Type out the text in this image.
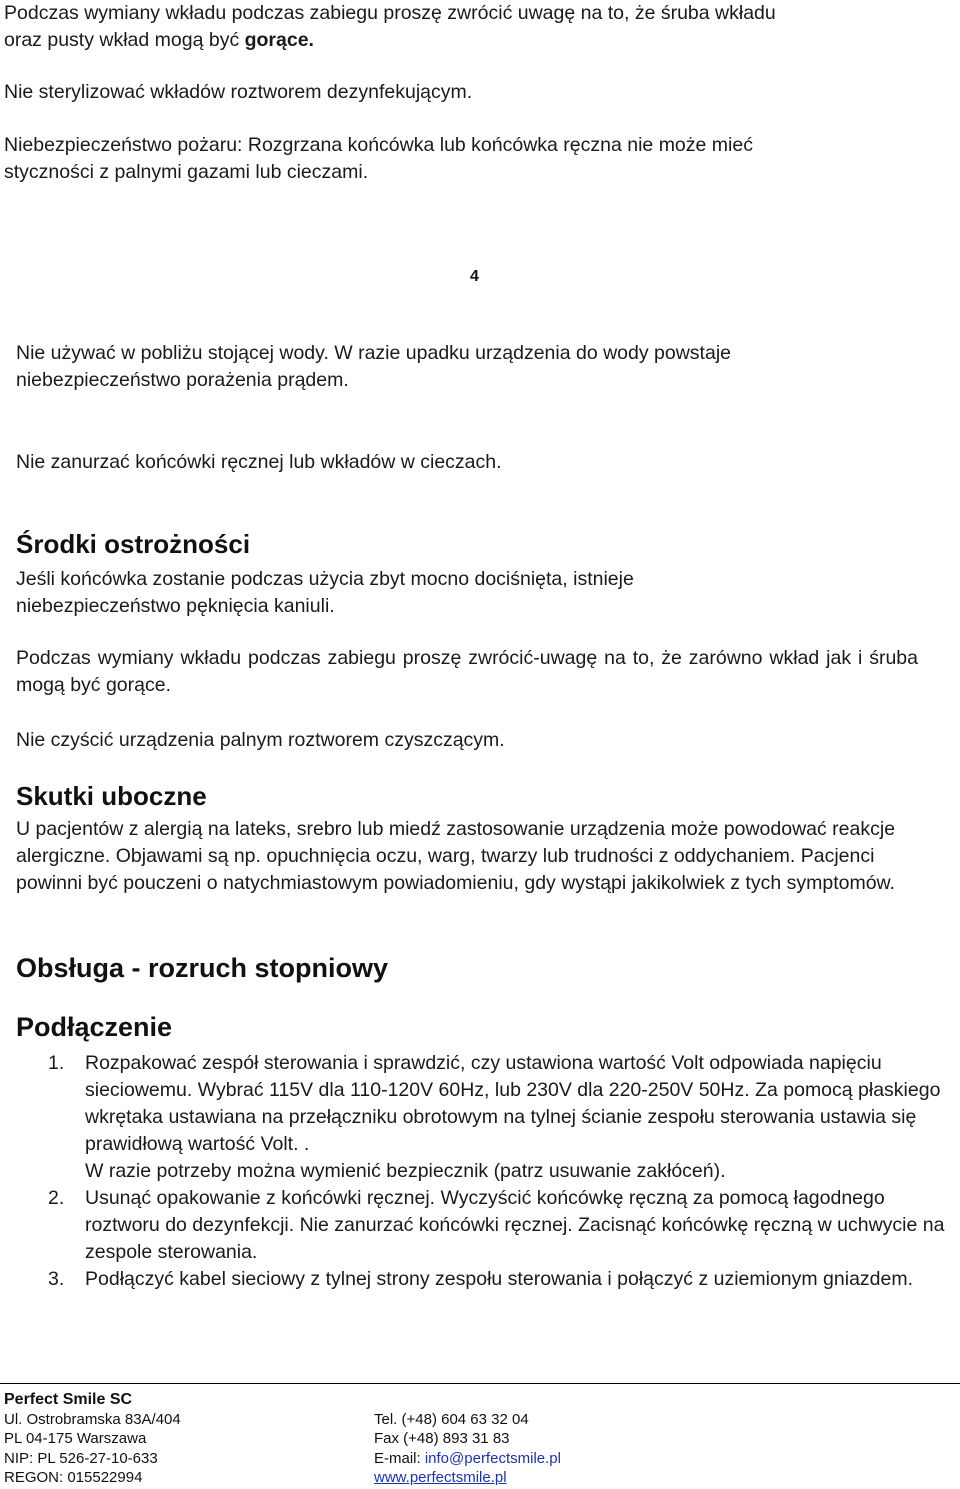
Podczas wymiany wkładu podczas zabiegu proszę zwrócić uwagę na to, że śruba wkładu oraz pusty wkład mogą być gorące.

Nie sterylizować wkładów roztworem dezynfekującym.

Niebezpieczeństwo pożaru: Rozgrzana końcówka lub końcówka ręczna nie może mieć styczności z palnymi gazami lub cieczami.

4

Nie używać w pobliżu stojącej wody. W razie upadku urządzenia do wody powstaje niebezpieczeństwo porażenia prądem.

Nie zanurzać końcówki ręcznej lub wkładów w cieczach.

Środki ostrożności

Jeśli końcówka zostanie podczas użycia zbyt mocno dociśnięta, istnieje niebezpieczeństwo pęknięcia kaniuli.

Podczas wymiany wkładu podczas zabiegu proszę zwrócić-uwagę na to, że zarówno wkład jak i śruba mogą być gorące.

Nie czyścić urządzenia palnym roztworem czyszczącym.

Skutki uboczne

U pacjentów z alergią na lateks, srebro lub miedź zastosowanie urządzenia może powodować reakcje alergiczne. Objawami są np. opuchnięcia oczu, warg, twarzy lub trudności z oddychaniem. Pacjenci powinni być pouczeni o natychmiastowym powiadomieniu, gdy wystąpi jakikolwiek z tych symptomów.

Obsługa - rozruch stopniowy
Podłączenie
1. Rozpakować zespół sterowania i sprawdzić, czy ustawiona wartość Volt odpowiada napięciu sieciowemu. Wybrać 115V dla 110-120V 60Hz, lub 230V dla 220-250V 50Hz. Za pomocą płaskiego wkrętaka ustawiana na przełączniku obrotowym na tylnej ścianie zespołu sterowania ustawia się prawidłową wartość Volt. .
W razie potrzeby można wymienić bezpiecznik (patrz usuwanie zakłóceń).
2. Usunąć opakowanie z końcówki ręcznej. Wyczyścić końcówkę ręczną za pomocą łagodnego roztworu do dezynfekcji. Nie zanurzać końcówki ręcznej. Zacisnąć końcówkę ręczną w uchwycie na zespole sterowania.
3. Podłączyć kabel sieciowy z tylnej strony zespołu sterowania i połączyć z uziemionym gniazdem.
Perfect Smile SC
Ul. Ostrobramska 83A/404
PL 04-175 Warszawa
NIP: PL 526-27-10-633
REGON: 015522994
Tel. (+48) 604 63 32 04
Fax (+48) 893 31 83
E-mail: info@perfectsmile.pl
www.perfectsmile.pl
